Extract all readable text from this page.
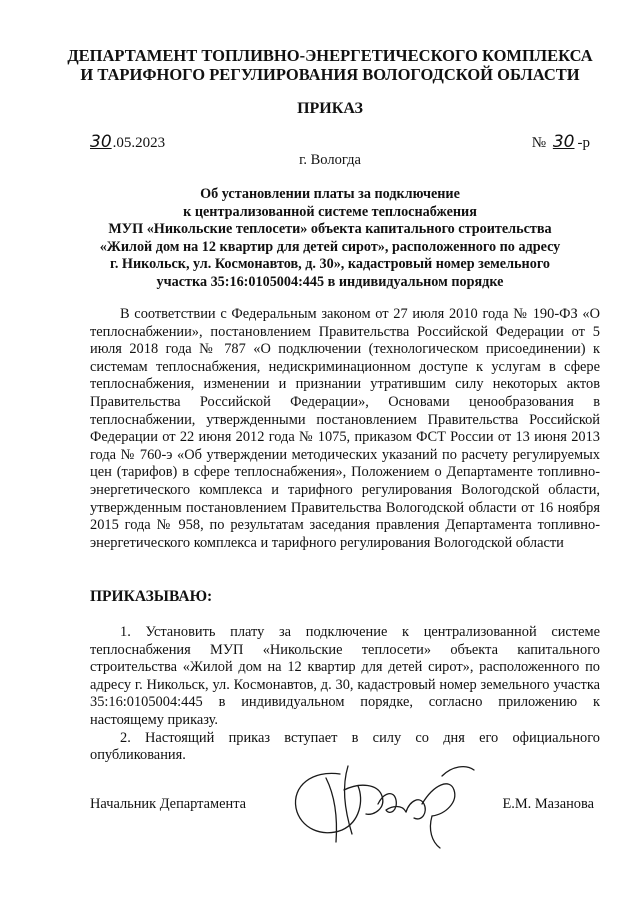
ДЕПАРТАМЕНТ ТОПЛИВНО-ЭНЕРГЕТИЧЕСКОГО КОМПЛЕКСА
И ТАРИФНОГО РЕГУЛИРОВАНИЯ ВОЛОГОДСКОЙ ОБЛАСТИ
ПРИКАЗ
30.05.2023	№ 30 -р
г. Вологда
Об установлении платы за подключение
к централизованной системе теплоснабжения
МУП «Никольские теплосети» объекта капитального строительства
«Жилой дом на 12 квартир для детей сирот», расположенного по адресу
г. Никольск, ул. Космонавтов, д. 30», кадастровый номер земельного
участка 35:16:0105004:445 в индивидуальном порядке

В соответствии с Федеральным законом от 27 июля 2010 года № 190-ФЗ «О теплоснабжении», постановлением Правительства Российской Федерации от 5 июля 2018 года № 787 «О подключении (технологическом присоединении) к системам теплоснабжения, недискриминационном доступе к услугам в сфере теплоснабжения, изменении и признании утратившим силу некоторых актов Правительства Российской Федерации», Основами ценообразования в теплоснабжении, утвержденными постановлением Правительства Российской Федерации от 22 июня 2012 года № 1075, приказом ФСТ России от 13 июня 2013 года № 760-э «Об утверждении методических указаний по расчету регулируемых цен (тарифов) в сфере теплоснабжения», Положением о Департаменте топливно-энергетического комплекса и тарифного регулирования Вологодской области, утвержденным постановлением Правительства Вологодской области от 16 ноября 2015 года № 958, по результатам заседания правления Департамента топливно-энергетического комплекса и тарифного регулирования Вологодской области

ПРИКАЗЫВАЮ:

1. Установить плату за подключение к централизованной системе теплоснабжения МУП «Никольские теплосети» объекта капитального строительства «Жилой дом на 12 квартир для детей сирот», расположенного по адресу г. Никольск, ул. Космонавтов, д. 30, кадастровый номер земельного участка 35:16:0105004:445 в индивидуальном порядке, согласно приложению к настоящему приказу.

2. Настоящий приказ вступает в силу со дня его официального опубликования.

Начальник Департамента	Е.М. Мазанова
